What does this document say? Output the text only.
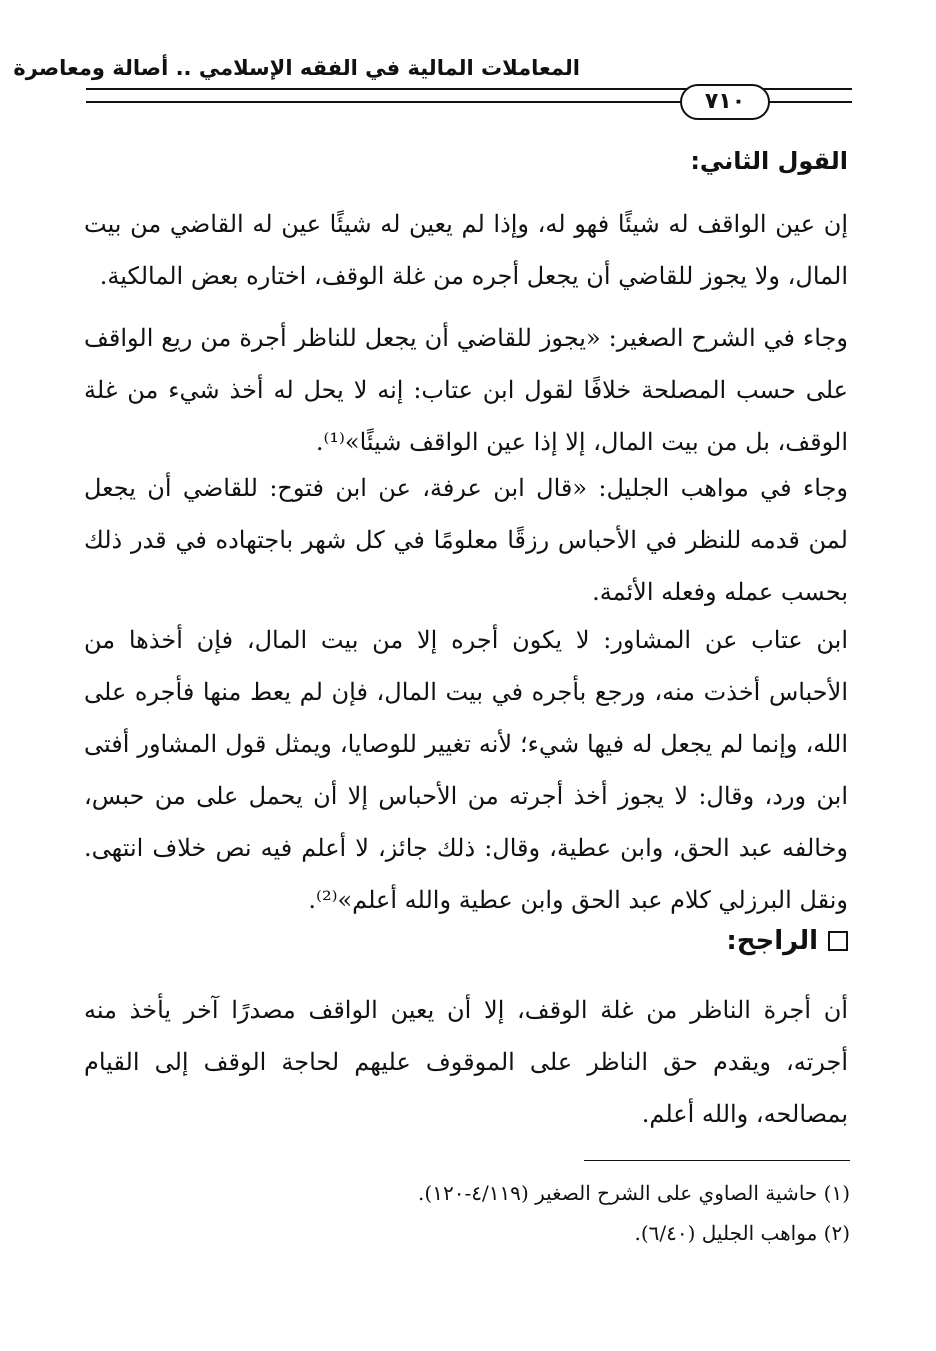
المعاملات المالية في الفقه الإسلامي .. أصالة ومعاصرة
٧١٠
القول الثاني:

إن عين الواقف له شيئًا فهو له، وإذا لم يعين له شيئًا عين له القاضي من بيت المال، ولا يجوز للقاضي أن يجعل أجره من غلة الوقف، اختاره بعض المالكية.

وجاء في الشرح الصغير: «يجوز للقاضي أن يجعل للناظر أجرة من ريع الواقف على حسب المصلحة خلافًا لقول ابن عتاب: إنه لا يحل له أخذ شيء من غلة الوقف، بل من بيت المال، إلا إذا عين الواقف شيئًا»⁽¹⁾.

وجاء في مواهب الجليل: «قال ابن عرفة، عن ابن فتوح: للقاضي أن يجعل لمن قدمه للنظر في الأحباس رزقًا معلومًا في كل شهر باجتهاده في قدر ذلك بحسب عمله وفعله الأئمة.

ابن عتاب عن المشاور: لا يكون أجره إلا من بيت المال، فإن أخذها من الأحباس أخذت منه، ورجع بأجره في بيت المال، فإن لم يعط منها فأجره على الله، وإنما لم يجعل له فيها شيء؛ لأنه تغيير للوصايا، ويمثل قول المشاور أفتى ابن ورد، وقال: لا يجوز أخذ أجرته من الأحباس إلا أن يحمل على من حبس، وخالفه عبد الحق، وابن عطية، وقال: ذلك جائز، لا أعلم فيه نص خلاف انتهى. ونقل البرزلي كلام عبد الحق وابن عطية والله أعلم»⁽²⁾.

الراجح:

أن أجرة الناظر من غلة الوقف، إلا أن يعين الواقف مصدرًا آخر يأخذ منه أجرته، ويقدم حق الناظر على الموقوف عليهم لحاجة الوقف إلى القيام بمصالحه، والله أعلم.

(١) حاشية الصاوي على الشرح الصغير (٤/١١٩-١٢٠).
(٢) مواهب الجليل (٦/٤٠).
